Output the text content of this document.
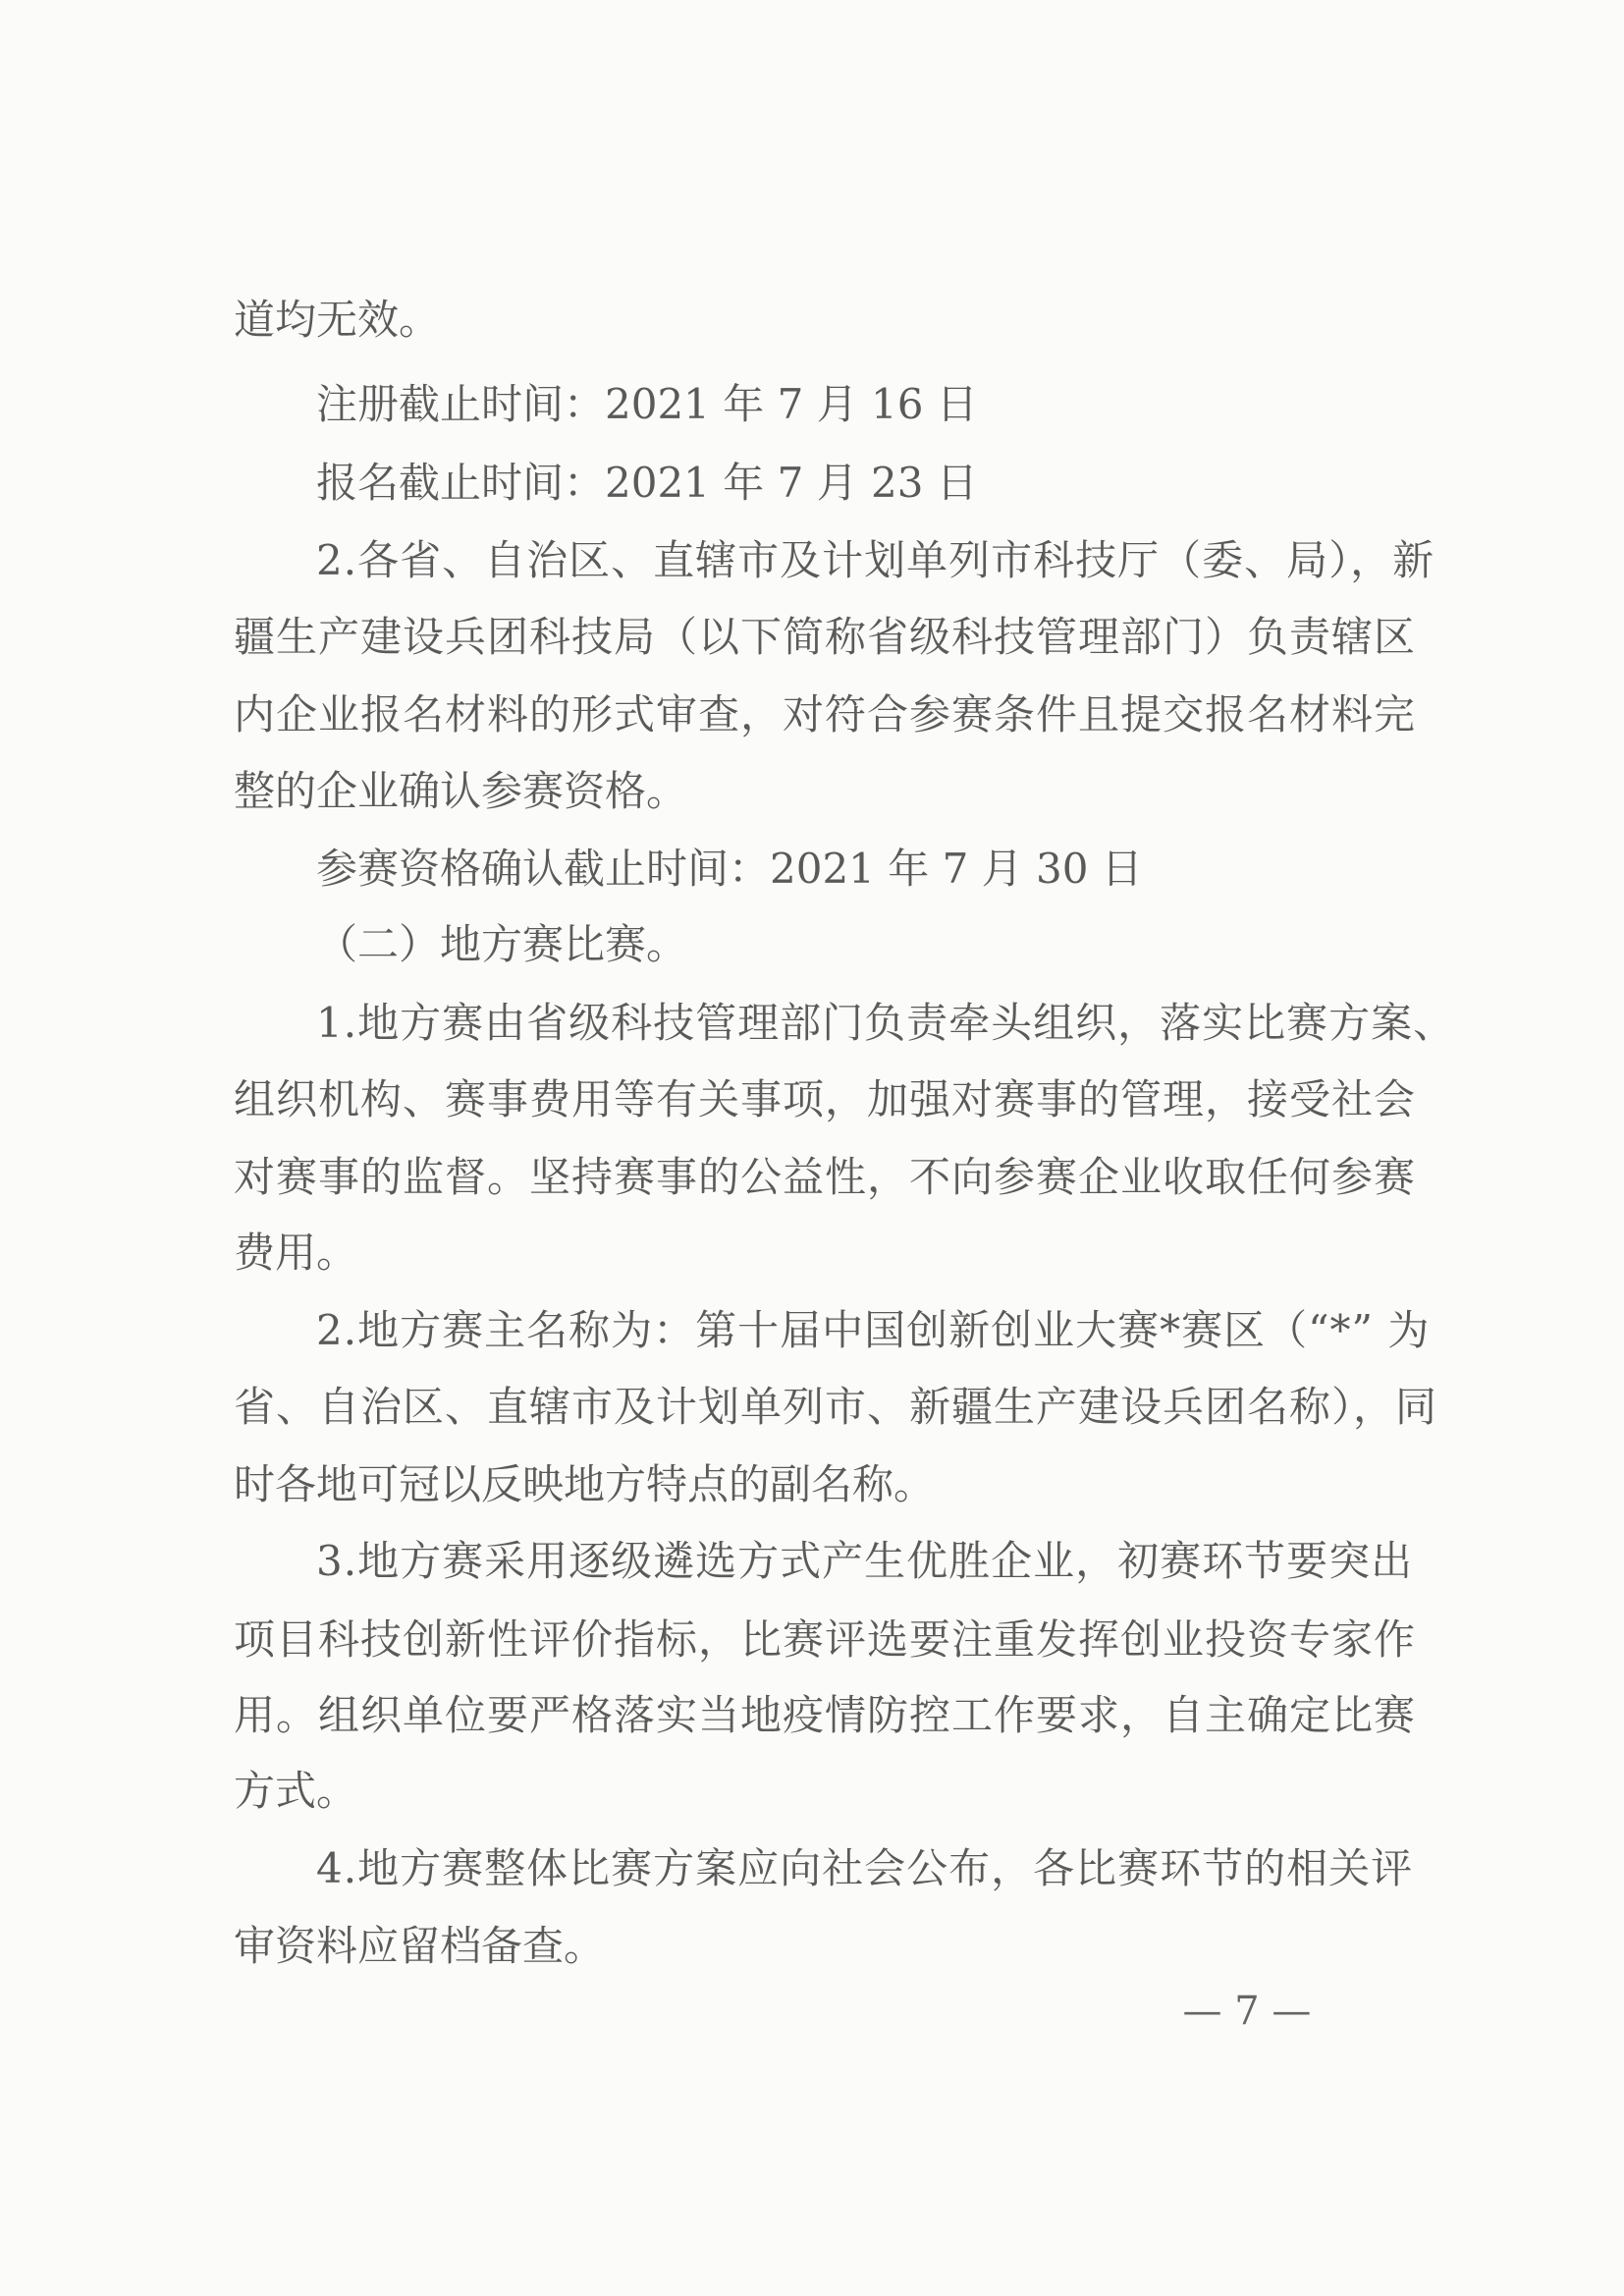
道均无效。
注册截止时间：2021 年 7 月 16 日
报名截止时间：2021 年 7 月 23 日
2.各省、自治区、直辖市及计划单列市科技厅（委、局），新
疆生产建设兵团科技局（以下简称省级科技管理部门）负责辖区
内企业报名材料的形式审查，对符合参赛条件且提交报名材料完
整的企业确认参赛资格。
参赛资格确认截止时间：2021 年 7 月 30 日
（二）地方赛比赛。
1.地方赛由省级科技管理部门负责牵头组织，落实比赛方案、
组织机构、赛事费用等有关事项，加强对赛事的管理，接受社会
对赛事的监督。坚持赛事的公益性，不向参赛企业收取任何参赛
费用。
2.地方赛主名称为：第十届中国创新创业大赛*赛区（“*” 为
省、自治区、直辖市及计划单列市、新疆生产建设兵团名称），同
时各地可冠以反映地方特点的副名称。
3.地方赛采用逐级遴选方式产生优胜企业，初赛环节要突出
项目科技创新性评价指标，比赛评选要注重发挥创业投资专家作
用。组织单位要严格落实当地疫情防控工作要求，自主确定比赛
方式。
4.地方赛整体比赛方案应向社会公布，各比赛环节的相关评
审资料应留档备查。
— 7 —
